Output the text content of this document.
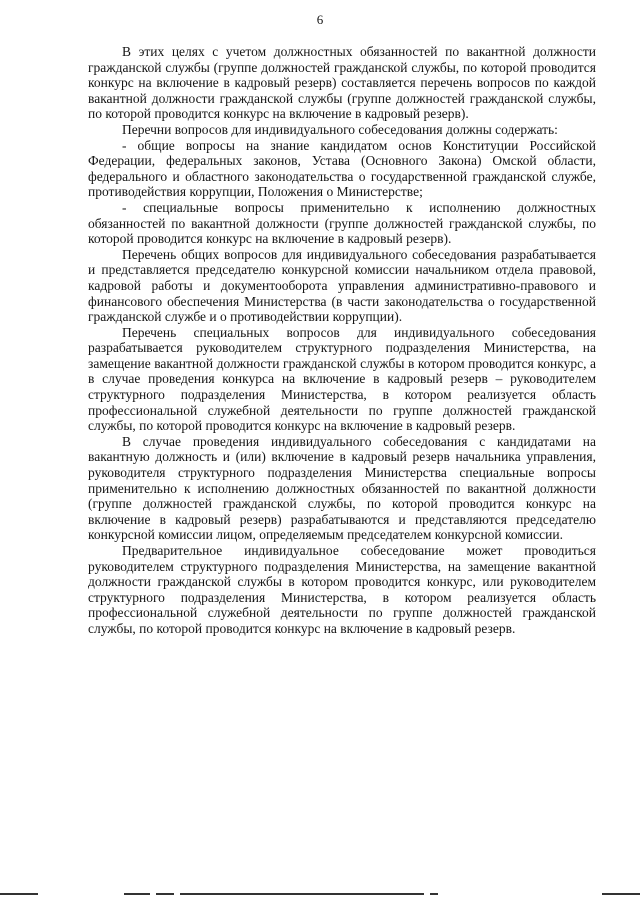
6

В этих целях с учетом должностных обязанностей по вакантной должности гражданской службы (группе должностей гражданской службы, по которой проводится конкурс на включение в кадровый резерв) составляется перечень вопросов по каждой вакантной должности гражданской службы (группе должностей гражданской службы, по которой проводится конкурс на включение в кадровый резерв).

Перечни вопросов для индивидуального собеседования должны содержать:

- общие вопросы на знание кандидатом основ Конституции Российской Федерации, федеральных законов, Устава (Основного Закона) Омской области, федерального и областного законодательства о государственной гражданской службе, противодействия коррупции, Положения о Министерстве;

- специальные вопросы применительно к исполнению должностных обязанностей по вакантной должности (группе должностей гражданской службы, по которой проводится конкурс на включение в кадровый резерв).

Перечень общих вопросов для индивидуального собеседования разрабатывается и представляется председателю конкурсной комиссии начальником отдела правовой, кадровой работы и документооборота управления административно-правового и финансового обеспечения Министерства (в части законодательства о государственной гражданской службе и о противодействии коррупции).

Перечень специальных вопросов для индивидуального собеседования разрабатывается руководителем структурного подразделения Министерства, на замещение вакантной должности гражданской службы в котором проводится конкурс, а в случае проведения конкурса на включение в кадровый резерв – руководителем структурного подразделения Министерства, в котором реализуется область профессиональной служебной деятельности по группе должностей гражданской службы, по которой проводится конкурс на включение в кадровый резерв.

В случае проведения индивидуального собеседования с кандидатами на вакантную должность и (или) включение в кадровый резерв начальника управления, руководителя структурного подразделения Министерства специальные вопросы применительно к исполнению должностных обязанностей по вакантной должности (группе должностей гражданской службы, по которой проводится конкурс на включение в кадровый резерв) разрабатываются и представляются председателю конкурсной комиссии лицом, определяемым председателем конкурсной комиссии.

Предварительное индивидуальное собеседование может проводиться руководителем структурного подразделения Министерства, на замещение вакантной должности гражданской службы в котором проводится конкурс, или руководителем структурного подразделения Министерства, в котором реализуется область профессиональной служебной деятельности по группе должностей гражданской службы, по которой проводится конкурс на включение в кадровый резерв.
